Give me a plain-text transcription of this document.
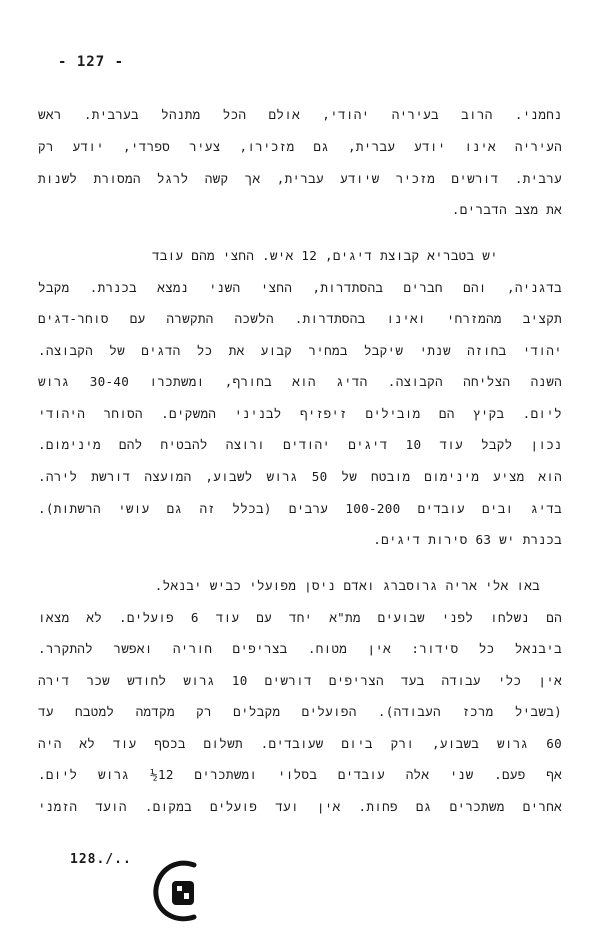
- 127 -
נחמני. הרוב בעיריה יהודי, אולם הכל מתנהל בערבית. ראש
העיריה אינו יודע עברית, גם מזכירו, צעיר ספרדי, יודע רק
ערבית. דורשים מזכיר שיודע עברית, אך קשה לרגל המסורת לשנות
את מצב הדברים.
יש בטבריא קבוצת דיגים, 12 איש. החצי מהם עובד
בדגניה, והם חברים בהסתדרות, החצי השני נמצא בכנרת. מקבל
תקציב מהמזרחי ואינו בהסתדרות. הלשכה התקשרה עם סוחר-דגים
יהודי בחוזה שנתי שיקבל במחיר קבוע את כל הדגים של הקבוצה.
השנה הצליחה הקבוצה. הדיג הוא בחורף, ומשתכרו 30-40 גרוש
ליום. בקיץ הם מובילים זיפזיף לבניני המשקים. הסוחר היהודי
נכון לקבל עוד 10 דיגים יהודים ורוצה להבטיח להם מינימום.
הוא מציע מינימום מובטח של 50 גרוש לשבוע, המועצה דורשת לירה.
בדיג ובים עובדים 100-200 ערבים (בכלל זה גם עושי הרשתות).
בכנרת יש 63 סירות דיגים.
באו אלי אריה גרוסברג ואדם ניסן מפועלי כביש יבנאל.
הם נשלחו לפני שבועים מת"א יחד עם עוד 6 פועלים. לא מצאו
ביבנאל כל סידור: אין מטוח. בצריפים חוריה ואפשר להתקרר.
אין כלי עבודה בעד הצריפים דורשים 10 גרוש לחודש שכר דירה
(בשביל מרכז העבודה). הפועלים מקבלים רק מקדמה למטבח עד
60 גרוש בשבוע, ורק ביום שעובדים. תשלום בכסף עוד לא היה
אף פעם. שני אלה עובדים בסלוי ומשתכרים 12½ גרוש ליום.
אחרים משתכרים גם פחות. אין ועד פועלים במקום. הועד הזמני
128./..
